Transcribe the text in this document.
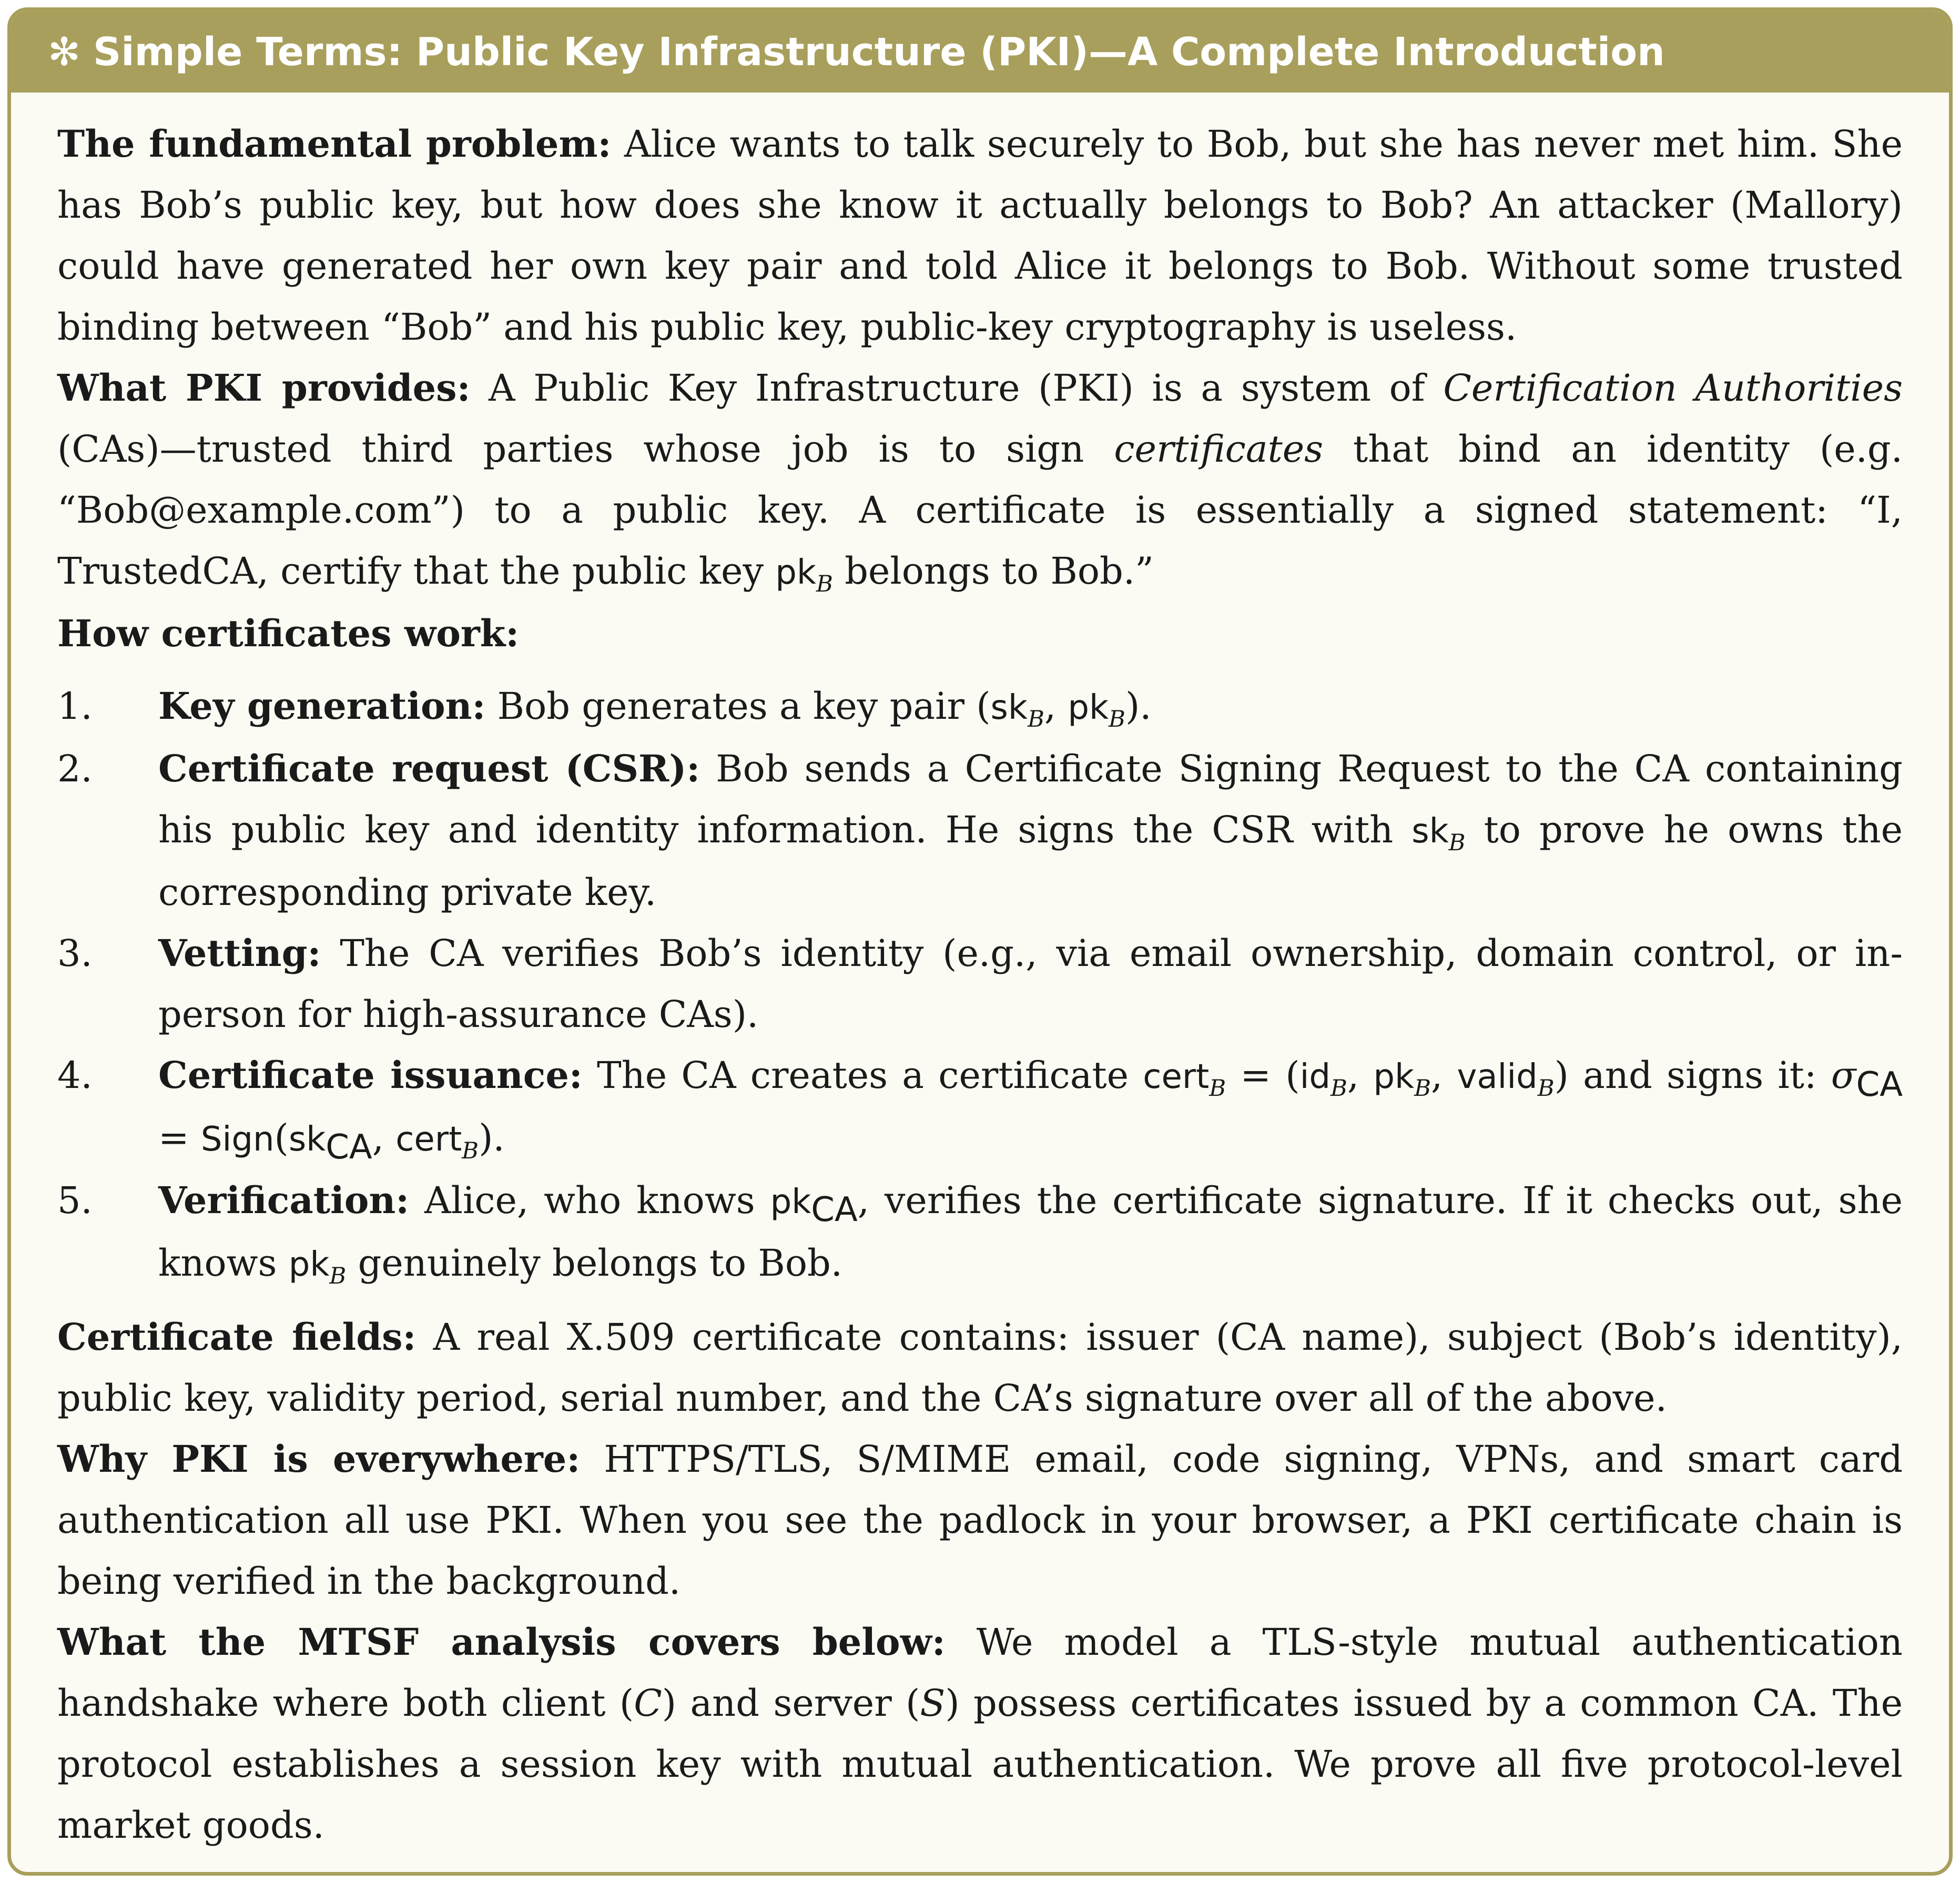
✻ Simple Terms: Public Key Infrastructure (PKI)—A Complete Introduction

The fundamental problem: Alice wants to talk securely to Bob, but she has never met him. She has Bob’s public key, but how does she know it actually belongs to Bob? An attacker (Mallory) could have generated her own key pair and told Alice it belongs to Bob. Without some trusted binding between “Bob” and his public key, public-key cryptography is useless.

What PKI provides: A Public Key Infrastructure (PKI) is a system of Certification Authorities (CAs)—trusted third parties whose job is to sign certificates that bind an identity (e.g. “Bob@example.com”) to a public key. A certificate is essentially a signed statement: “I, TrustedCA, certify that the public key $pk_B$ belongs to Bob.”

How certificates work:

1. Key generation: Bob generates a key pair ($sk_B$, $pk_B$).
2. Certificate request (CSR): Bob sends a Certificate Signing Request to the CA containing his public key and identity information. He signs the CSR with $sk_B$ to prove he owns the corresponding private key.
3. Vetting: The CA verifies Bob’s identity (e.g., via email ownership, domain control, or in-person for high-assurance CAs).
4. Certificate issuance: The CA creates a certificate cert$_B$ = ($id_B$, $pk_B$, valid$_B$) and signs it: $\sigma_{CA}$ = $Sign(sk_{CA}$, cert$_B$).
5. Verification: Alice, who knows $pk_{CA}$, verifies the certificate signature. If it checks out, she knows $pk_B$ genuinely belongs to Bob.

Certificate fields: A real X.509 certificate contains: issuer (CA name), subject (Bob’s identity), public key, validity period, serial number, and the CA’s signature over all of the above.

Why PKI is everywhere: HTTPS/TLS, S/MIME email, code signing, VPNs, and smart card authentication all use PKI. When you see the padlock in your browser, a PKI certificate chain is being verified in the background.

What the MTSF analysis covers below: We model a TLS-style mutual authentication handshake where both client (C) and server (S) possess certificates issued by a common CA. The protocol establishes a session key with mutual authentication. We prove all five protocol-level market goods.
